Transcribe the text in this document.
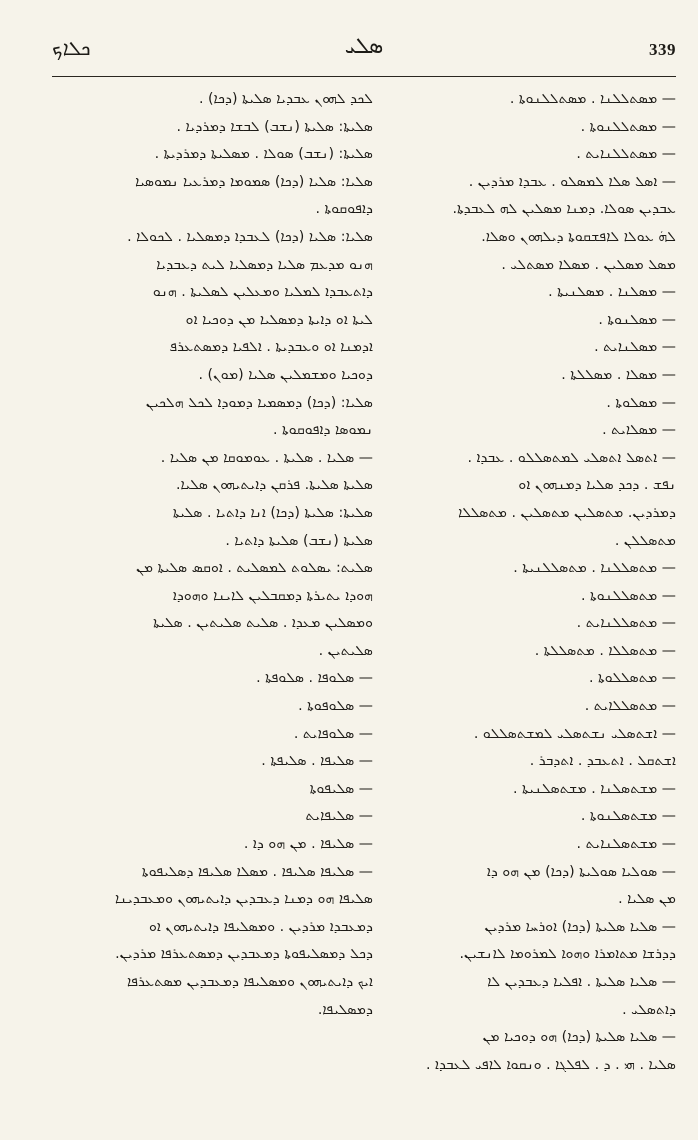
ܟܠܐܟ	ܣܠܝ	339
ܠܟܕ ܠܗܘܢ ܥܒܕܝܐ ܣܠܝܬܐ (ܕܟܐ) .
ܣܠܝܬܐ: ܣܠܝܬܐ (ܢܫܒ) ܠܒܫܐ ܕܡܪܕܝܐ .
ܣܠܝܬܐ: (ܢܫܒ) ܣܘܠܐ . ܡܣܠܝܬܐ ܕܡܪܕܝܬܐ .
ܣܠܝܐ: ܣܠܝܐ (ܕܟܐ) ܣܡܘܡܐ ܕܡܪܥܝܐ ܢܡܘܣܝܐ
ܕܐܦܘܩܘܬܐ .
ܣܠܝܐ: ܣܠܝܐ (ܕܟܐ) ܠܥܒܕܐ ܕܡܣܠܝܐ . ܠܟܘܠܐ .
ܗܢܘ ܡܕܥܡ ܣܠܝܐ ܕܡܣܠܝܐ ܠܝܬ ܕܥܒܕܝܐ
ܕܐܬܥܒܕܐ ܠܡܠܝܐ ܘܡܥܠܝܢ ܠܣܠܝܬܐ . ܗܢܘ
ܠܝܬܐ ܐܘ ܕܐܝܬܐ ܕܡܣܠܝܐ ܡܢ ܕܘܟܝܐ ܐܘ
ܐܕܡܢܐ ܐܘ ܘܥܒܕܝܬܐ . ܐܠܦܝܐ ܕܡܣܬܥܪܦ
ܕܘܟܝܐ ܘܡܫܡܠܝܢ ܣܠܝܐ (ܡܘܢ) .
ܣܠܝܐ: (ܕܟܐ) ܕܡܣܡܝܐ ܕܡܘܕܐ ܠܟܠ ܗܠܟܝܢ
ܢܡܘܣܐ ܕܐܦܘܩܘܬܐ .
— ܣܠܝܐ . ܣܠܝܬܐ . ܥܘܡܘܩܐ ܡܢ ܣܠܝܐ .
ܣܠܝܬܐ ܣܠܝܬܐ. ܦܪܩܢ ܕܐܝܬܝܗܘܢ ܣܠܝܐ.
ܣܠܝܬܐ: ܣܠܝܬܐ (ܕܟܐ) ܐܢܐ ܕܐܬܝܐ . ܣܠܝܬܐ
ܣܠܝܬܐ (ܢܫܒ) ܣܠܝܬܐ ܕܐܬܝܐ .
ܣܠܝܬ: ܝܣܠܘܬ ܠܡܣܠܝܬ . ܐܘܩܣ ܣܠܝܬܐ ܡܢ
ܗܘܕܐ ܝܬܝܪܬܐ ܕܡܩܒܠܝܢ ܠܐܝܢܐ ܘܗܘܕܐ
ܘܡܣܠܝܢ ܡܥܕܐ . ܣܠܝܬ ܣܠܝܬܝܢ . ܣܠܝܬܐ
ܣܠܝܬܝܢ .
— ܣܠܘܦܐ . ܣܠܘܦܬܐ .
— ܣܠܘܦܘܬܐ .
— ܣܠܘܦܐܝܬ .
— ܣܠܝܦܐ . ܣܠܝܦܬܐ .
— ܣܠܝܦܘܬܐ
— ܣܠܝܦܐܝܬ
— ܣܠܝܦܐ . ܡܢ ܗܘ ܕܐ .
— ܣܠܝܦܐ ܣܠܝܦܐ . ܡܣܠܐ ܣܠܝܦܐ ܕܣܠܝܦܘܬܐ
ܣܠܝܦܐ ܗܘ ܕܡܢܐ ܕܥܒܕܝܢ ܕܐܝܬܝܗܘܢ ܘܡܥܒܕܝܢܐ
ܕܡܥܒܕܐ ܡܪܕܝܢ . ܘܡܣܠܝܦܐ ܕܐܝܬܝܗܘܢ ܐܘ
ܕܟܠ ܕܡܣܠܝܦܘܬܐ ܕܡܥܒܕܝܢ ܕܡܣܬܥܪܦܐ ܡܪܕܝܢ.
ܐܝܟ ܕܐܝܬܝܗܘܢ ܘܡܣܠܝܦܐ ܕܡܥܒܕܝܢ ܡܣܬܥܪܦܐ ܕܡܣܠܝܦܐ.
— ܡܣܬܠܠܢܐ . ܡܣܬܠܠܢܘܬܐ .
— ܡܣܬܠܠܢܘܬܐ .
— ܡܣܬܠܠܢܐܝܬ .
— ܐܣܠ ܣܠܐ ܠܡܣܠܘ . ܥܒܕܐ ܡܪܕܝܢ .
ܥܒܕܝܢ ܣܘܠܐ. ܕܡܢܐ ܡܣܠܝܢ ܠܗ ܠܥܒܕܬܐ.
ܠܗܿ ܥܘܠܐ ܠܐܦܫܩܘܬܐ ܕܝܠܗܘܢ ܘܣܠܐ.
ܡܣܠ ܡܣܠܝܢ . ܡܣܠܐ ܡܣܬܠܝ .
— ܡܣܠܢܐ . ܡܣܠܢܝܬܐ .
— ܡܣܠܢܘܬܐ .
— ܡܣܠܢܐܝܬ .
— ܡܣܠܐ . ܡܣܠܠܬܐ .
— ܡܣܠܘܬܐ .
— ܡܣܠܐܝܬ .
— ܐܬܣܠ ܐܬܣܠܝ ܠܡܬܣܠܠܘ . ܥܒܕܐ .
ܢܦܫ . ܕܟܕ ܣܠܝܐ ܕܡܢܗܘܢ ܐܘ
ܕܡܪܕܝܢ. ܡܬܣܠܝܢ ܡܬܣܠܝܢ . ܡܬܣܠܠܐ
ܡܬܣܠܠܢ .
— ܡܬܣܠܠܢܐ . ܡܬܣܠܠܢܝܬܐ .
— ܡܬܣܠܠܢܘܬܐ .
— ܡܬܣܠܠܢܐܝܬ .
— ܡܬܣܠܠܐ . ܡܬܣܠܠܬܐ .
— ܡܬܣܠܠܘܬܐ .
— ܡܬܣܠܠܐܝܬ .
— ܐܫܬܣܠܝ ܢܫܬܣܠܝ ܠܡܫܬܣܠܠܘ .
ܐܫܬܩܠ . ܐܬܥܒܕ . ܐܬܕܒܪ .
— ܡܫܬܣܠܢܐ . ܡܫܬܣܠܢܝܬܐ .
— ܡܫܬܣܠܢܘܬܐ .
— ܡܫܬܣܠܢܐܝܬ .
— ܣܘܠܝܐ ܣܘܠܝܬܐ (ܕܟܐ) ܡܢ ܗܘ ܕܐ
ܡܢ ܣܠܝܐ .
— ܣܠܝܐ ܣܠܝܬܐ (ܕܟܐ) ܐܘܪܚܐ ܡܪܕܝܢ
ܕܕܪܫܐ ܡܬܐܡܪܐ ܘܗܘܐ ܠܡܪܘܡܐ ܠܐܢܫܝܢ.
— ܣܠܝܐ ܣܠܝܬܐ . ܐܦܠܝܐ ܕܥܒܕܝܢ ܠܐ
ܕܐܬܣܠܝ .
— ܣܠܝܐ ܣܠܝܬܐ (ܕܟܐ) ܗܘ ܕܘܟܝܐ ܡܢ
ܣܠܝܐ . ܗܝ . ܕ . ܠܦܠܓܐ . ܘܢܩܘܐ ܠܐܦܝ ܠܥܒܕܐ .
